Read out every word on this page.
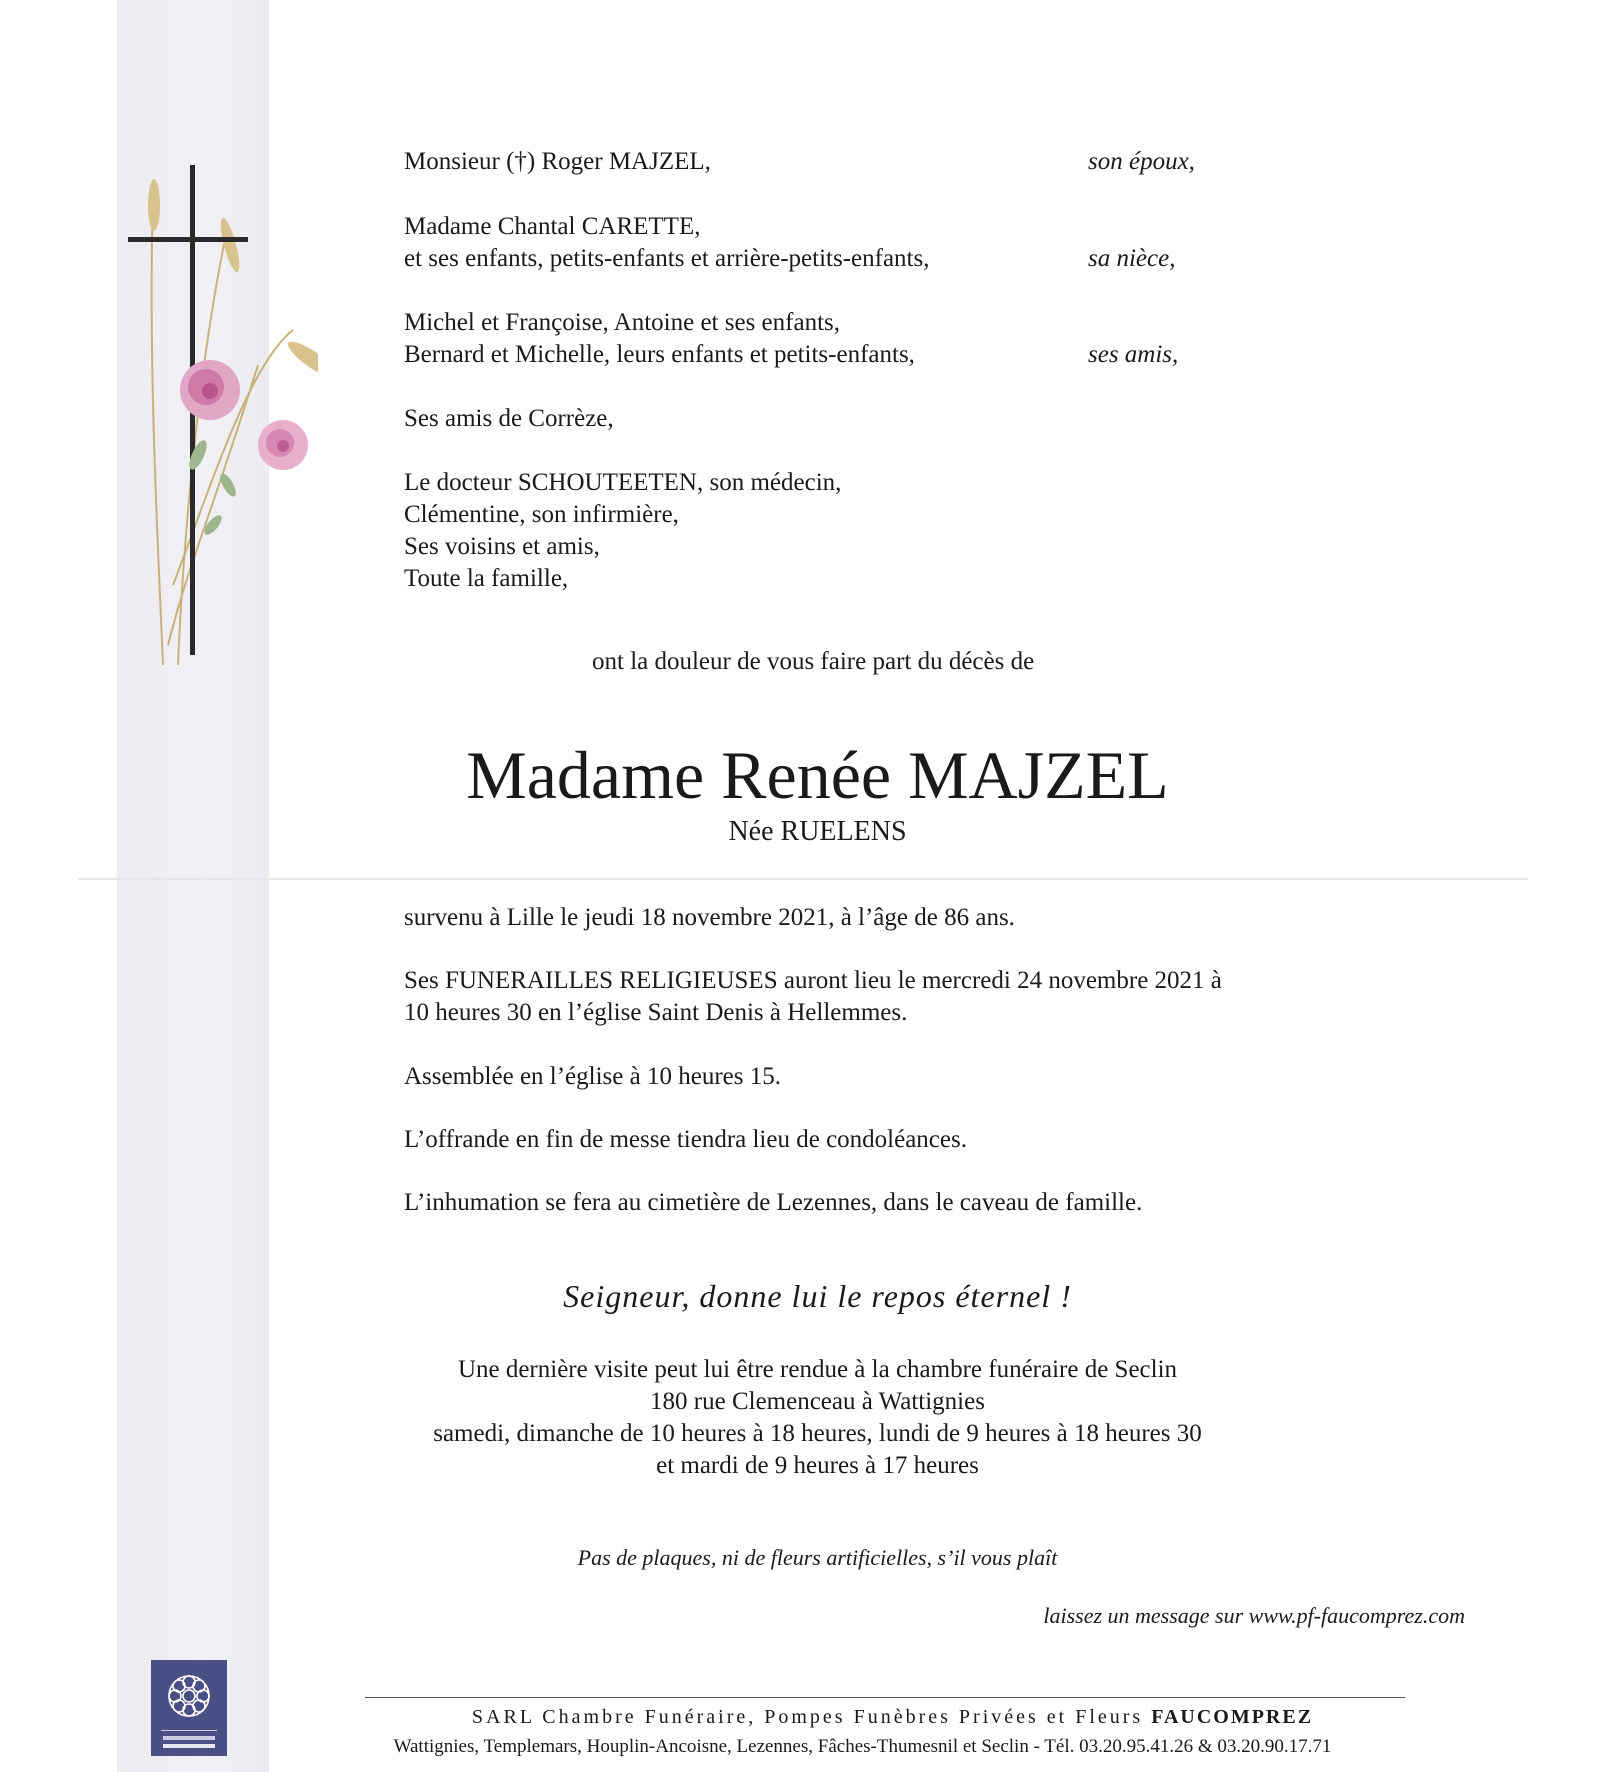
Monsieur (†) Roger MAJZEL,	son époux,

Madame Chantal CARETTE,

et ses enfants, petits-enfants et arrière-petits-enfants,	sa nièce,

Michel et Françoise, Antoine et ses enfants,

Bernard et Michelle, leurs enfants et petits-enfants,	ses amis,

Ses amis de Corrèze,

Le docteur SCHOUTEETEN, son médecin,

Clémentine, son infirmière,

Ses voisins et amis,

Toute la famille,

ont la douleur de vous faire part du décès de

Madame Renée MAJZEL
Née RUELENS

survenu à Lille le jeudi 18 novembre 2021, à l’âge de 86 ans.

Ses FUNERAILLES RELIGIEUSES auront lieu le mercredi 24 novembre 2021 à

10 heures 30 en l’église Saint Denis à Hellemmes.

Assemblée en l’église à 10 heures 15.

L’offrande en fin de messe tiendra lieu de condoléances.

L’inhumation se fera au cimetière de Lezennes, dans le caveau de famille.

Seigneur, donne lui le repos éternel !
Une dernière visite peut lui être rendue à la chambre funéraire de Seclin
180 rue Clemenceau à Wattignies
samedi, dimanche de 10 heures à 18 heures, lundi de 9 heures à 18 heures 30
et mardi de 9 heures à 17 heures
Pas de plaques, ni de fleurs artificielles, s’il vous plaît
laissez un message sur www.pf-faucomprez.com
SARL Chambre Funéraire, Pompes Funèbres Privées et Fleurs FAUCOMPREZ
Wattignies, Templemars, Houplin-Ancoisne, Lezennes, Fâches-Thumesnil et Seclin - Tél. 03.20.95.41.26 & 03.20.90.17.71
